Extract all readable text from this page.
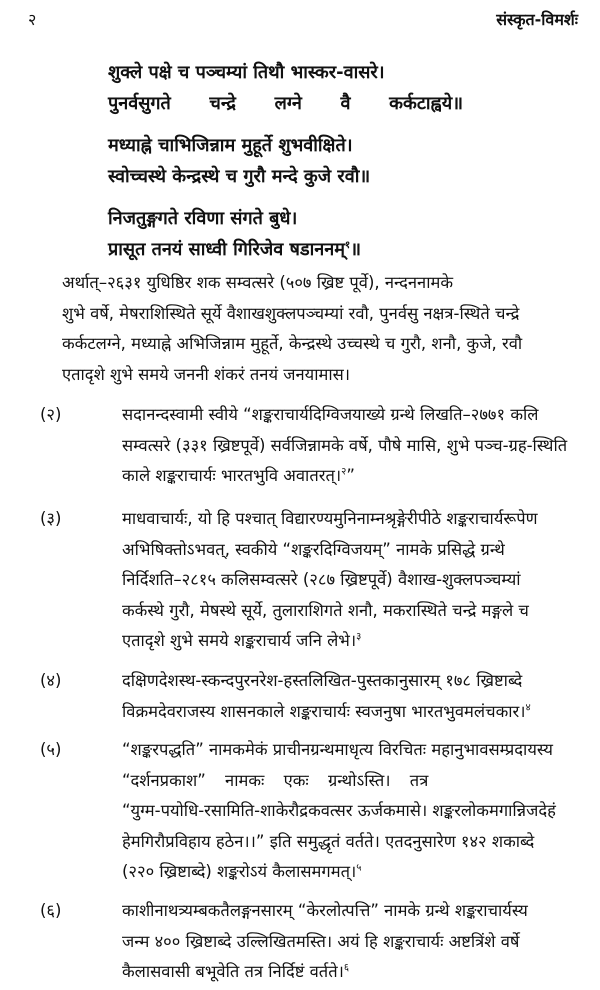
२	संस्कृत-विमर्शः
शुक्ले पक्षे च पञ्चम्यां तिथौ भास्कर-वासरे।
पुनर्वसुगते चन्द्रे लग्ने वै कर्कटाह्वये॥
मध्याह्ने चाभिजिन्नाम मुहूर्ते शुभवीक्षिते।
स्वोच्चस्थे केन्द्रस्थे च गुरौ मन्दे कुजे रवौ॥
निजतुङ्गगते रविणा संगते बुधे।
प्रासूत तनयं साध्वी गिरिजेव षडाननम्$^१$॥
अर्थात्–२६३१ युधिष्ठिर शक सम्वत्सरे (५०७ ख्रिष्ट पूर्वे), नन्दननामके
शुभे वर्षे, मेषराशिस्थिते सूर्ये वैशाखशुक्लपञ्चम्यां रवौ, पुनर्वसु नक्षत्र-स्थिते चन्द्रे
कर्कटलग्ने, मध्याह्ने अभिजिन्नाम मुहूर्ते, केन्द्रस्थे उच्चस्थे च गुरौ, शनौ, कुजे, रवौ
एतादृशे शुभे समये जननी शंकरं तनयं जनयामास।
(२)	सदानन्दस्वामी स्वीये “शङ्कराचार्यदिग्विजयाख्ये ग्रन्थे लिखति–२७७१ कलि
सम्वत्सरे (३३१ ख्रिष्टपूर्वे) सर्वजिन्नामके वर्षे, पौषे मासि, शुभे पञ्च-ग्रह-स्थिति
काले शङ्कराचार्यः भारतभुवि अवातरत्।$^२$”
(३)	माधवाचार्यः, यो हि पश्चात् विद्यारण्यमुनिनाम्नश्रृङ्गेरीपीठे शङ्कराचार्यरूपेण
अभिषिक्तोऽभवत्, स्वकीये “शङ्करदिग्विजयम्” नामके प्रसिद्धे ग्रन्थे
निर्दिशति–२८१५ कलिसम्वत्सरे (२८७ ख्रिष्टपूर्वे) वैशाख-शुक्लपञ्चम्यां
कर्कस्थे गुरौ, मेषस्थे सूर्ये, तुलाराशिगते शनौ, मकरास्थिते चन्द्रे मङ्गले च
एतादृशे शुभे समये शङ्कराचार्य जनि लेभे।$^३$
(४)	दक्षिणदेशस्थ-स्कन्दपुरनरेश-हस्तलिखित-पुस्तकानुसारम् १७८ ख्रिष्टाब्दे
विक्रमदेवराजस्य शासनकाले शङ्कराचार्यः स्वजनुषा भारतभुवमलंचकार।$^४$
(५)	“शङ्करपद्धति” नामकमेकं प्राचीनग्रन्थमाधृत्य विरचितः महानुभावसम्प्रदायस्य
“दर्शनप्रकाश” नामकः एकः ग्रन्थोऽस्ति। तत्र
“युग्म-पयोधि-रसामिति-शाकेरौद्रकवत्सर ऊर्जकमासे। शङ्करलोकमगान्निजदेहं
हेमगिरौप्रविहाय हठेन।।” इति समुद्धृतं वर्तते। एतदनुसारेण १४२ शकाब्दे
(२२० ख्रिष्टाब्दे) शङ्करोऽयं कैलासमगमत्।$^५$
(६)	काशीनाथत्र्यम्बकतैलङ्गनसारम् “केरलोत्पत्ति” नामके ग्रन्थे शङ्कराचार्यस्य
जन्म ४०० ख्रिष्टाब्दे उल्लिखितमस्ति। अयं हि शङ्कराचार्यः अष्टत्रिंशे वर्षे
कैलासवासी बभूवेति तत्र निर्दिष्टं वर्तते।$^६$
